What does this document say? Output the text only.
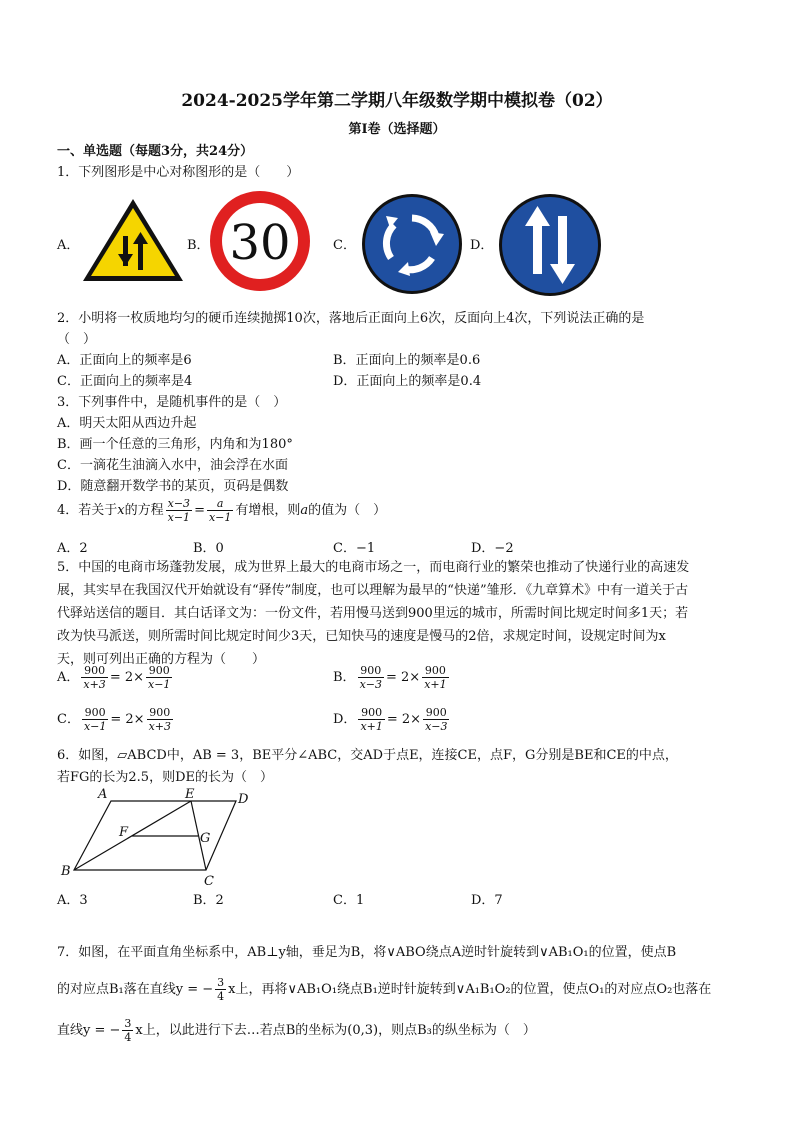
2024-2025学年第二学期八年级数学期中模拟卷（02）
第Ⅰ卷（选择题）
一、单选题（每题3分，共24分）
1．下列图形是中心对称图形的是（　　）
A．	B． 30	C．	D．
2．小明将一枚质地均匀的硬币连续抛掷10次，落地后正面向上6次，反面向上4次，下列说法正确的是
（　）
A．正面向上的频率是6	B．正面向上的频率是0.6
C．正面向上的频率是4	D．正面向上的频率是0.4
3．下列事件中，是随机事件的是（　）
A．明天太阳从西边升起
B．画一个任意的三角形，内角和为180°
C．一滴花生油滴入水中，油会浮在水面
D．随意翻开数学书的某页，页码是偶数
4．若关于x的方程 $\frac{x-3}{x-1} = \frac{a}{x-1}$ 有增根，则a的值为（　）
A．2	B．0	C．−1	D．−2
5．中国的电商市场蓬勃发展，成为世界上最大的电商市场之一，而电商行业的繁荣也推动了快递行业的高速发
展，其实早在我国汉代开始就设有“驿传”制度，也可以理解为最早的“快递”雏形．《九章算术》中有一道关于古
代驿站送信的题目．其白话译文为：一份文件，若用慢马送到900里远的城市，所需时间比规定时间多1天；若
改为快马派送，则所需时间比规定时间少3天，已知快马的速度是慢马的2倍，求规定时间，设规定时间为x
天，则可列出正确的方程为（　　）
A． $\frac{900}{x+3} = 2\times \frac{900}{x-1}$	B． $\frac{900}{x-3} = 2\times \frac{900}{x+1}$
C． $\frac{900}{x-1} = 2\times \frac{900}{x+3}$	D． $\frac{900}{x+1} = 2\times \frac{900}{x-3}$
6．如图，▱ABCD中，AB = 3，BE平分∠ABC，交AD于点E，连接CE，点F，G分别是BE和CE的中点，
若FG的长为2.5，则DE的长为（　）
A	E	D
F	G
B
C
A．3	B．2	C．1	D．7
7．如图，在平面直角坐标系中，AB⊥y轴，垂足为B，将∨ABO绕点A逆时针旋转到∨AB₁O₁的位置，使点B
的对应点B₁落在直线y = − $\frac{3}{4}$ x上，再将∨AB₁O₁绕点B₁逆时针旋转到∨A₁B₁O₂的位置，使点O₁的对应点O₂也落在
直线y = − $\frac{3}{4}$ x上，以此进行下去…若点B的坐标为(0,3)，则点B₃的纵坐标为（　）
